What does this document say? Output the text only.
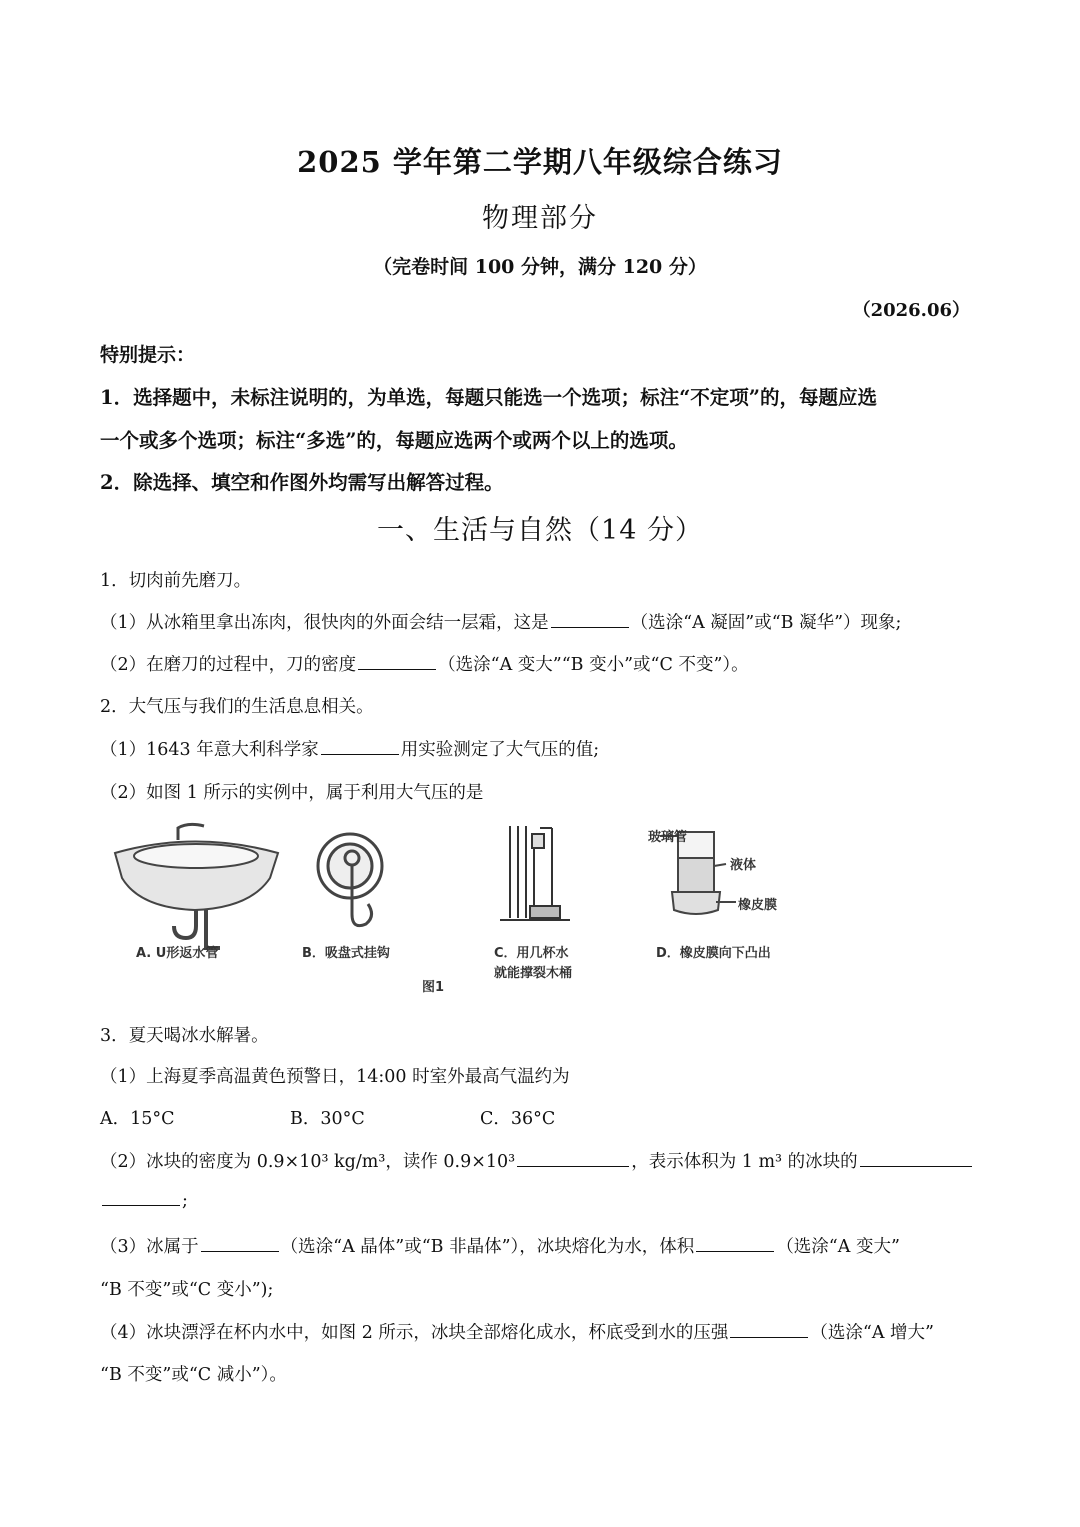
2025 学年第二学期八年级综合练习
物理部分
（完卷时间 100 分钟，满分 120 分）
（2026.06）
特别提示：
1．选择题中，未标注说明的，为单选，每题只能选一个选项；标注“不定项”的，每题应选
一个或多个选项；标注“多选”的，每题应选两个或两个以上的选项。
2．除选择、填空和作图外均需写出解答过程。
一、生活与自然（14 分）
1．切肉前先磨刀。
（1）从冰箱里拿出冻肉，很快肉的外面会结一层霜，这是	（选涂“A 凝固”或“B 凝华”）现象;
（2）在磨刀的过程中，刀的密度	（选涂“A 变大”“B 变小”或“C 不变”）。
2．大气压与我们的生活息息相关。
（1）1643 年意大利科学家	用实验测定了大气压的值;
（2）如图 1 所示的实例中，属于利用大气压的是
玻璃管
液体
橡皮膜
A. U形返水管	B．吸盘式挂钩	C．用几杯水
就能撑裂木桶
D．橡皮膜向下凸出
图1
3．夏天喝冰水解暑。
（1）上海夏季高温黄色预警日，14:00 时室外最高气温约为
A．15°C	B．30°C	C．36°C
（2）冰块的密度为 0.9×10³ kg/m³，读作 0.9×10³	，表示体积为 1 m³ 的冰块的
;
（3）冰属于	（选涂“A 晶体”或“B 非晶体”），冰块熔化为水，体积	（选涂“A 变大”
“B 不变”或“C 变小”);
（4）冰块漂浮在杯内水中，如图 2 所示，冰块全部熔化成水，杯底受到水的压强	（选涂“A 增大”
“B 不变”或“C 减小”）。
